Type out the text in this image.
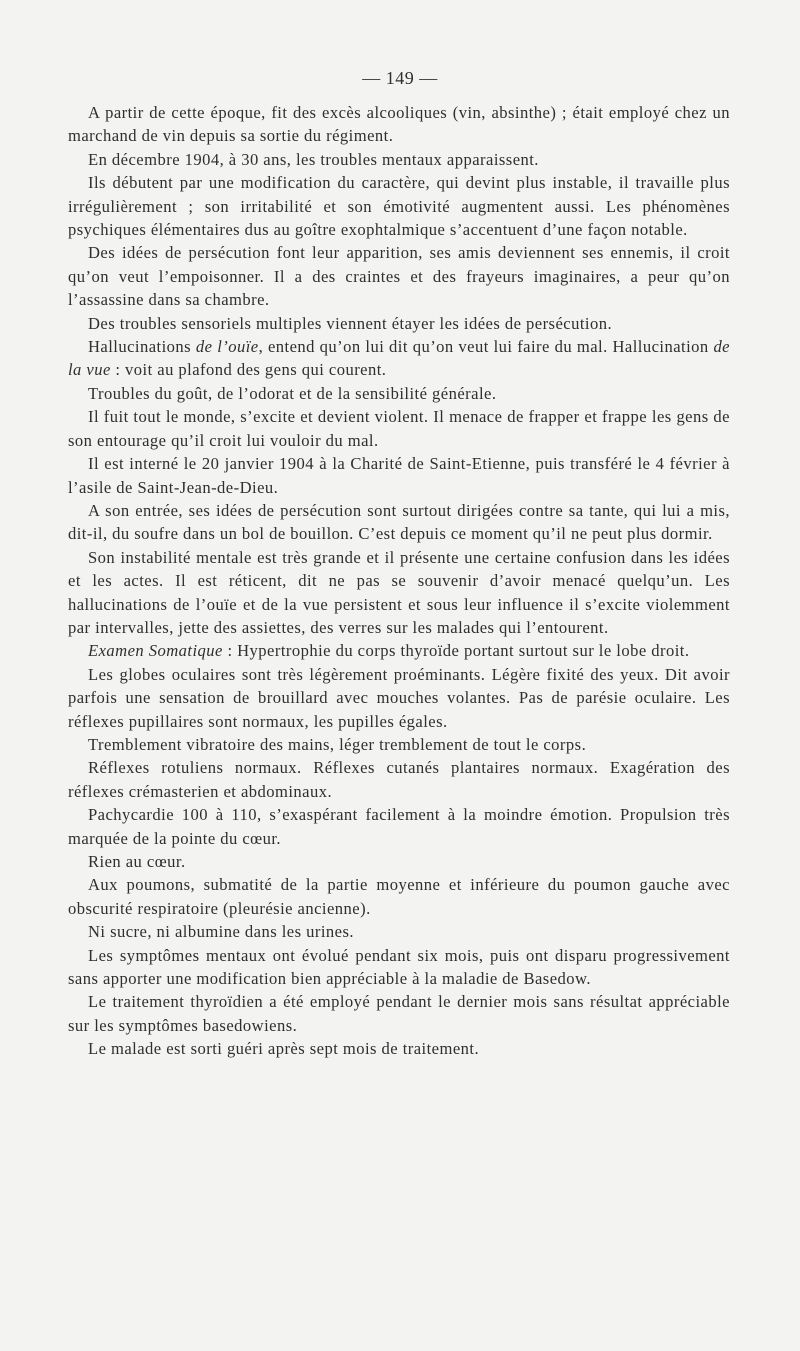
— 149 —

A partir de cette époque, fit des excès alcooliques (vin, absinthe) ; était employé chez un marchand de vin depuis sa sortie du régiment.

En décembre 1904, à 30 ans, les troubles mentaux apparaissent.

Ils débutent par une modification du caractère, qui devint plus instable, il travaille plus irrégulièrement ; son irritabilité et son émotivité augmentent aussi. Les phénomènes psychiques élémentaires dus au goître exophtalmique s’accentuent d’une façon notable.

Des idées de persécution font leur apparition, ses amis deviennent ses ennemis, il croit qu’on veut l’empoisonner. Il a des craintes et des frayeurs imaginaires, a peur qu’on l’assassine dans sa chambre.

Des troubles sensoriels multiples viennent étayer les idées de persécution.

Hallucinations de l’ouïe, entend qu’on lui dit qu’on veut lui faire du mal. Hallucination de la vue : voit au plafond des gens qui courent.

Troubles du goût, de l’odorat et de la sensibilité générale.

Il fuit tout le monde, s’excite et devient violent. Il menace de frapper et frappe les gens de son entourage qu’il croit lui vouloir du mal.

Il est interné le 20 janvier 1904 à la Charité de Saint-Etienne, puis transféré le 4 février à l’asile de Saint-Jean-de-Dieu.

A son entrée, ses idées de persécution sont surtout dirigées contre sa tante, qui lui a mis, dit-il, du soufre dans un bol de bouillon. C’est depuis ce moment qu’il ne peut plus dormir.

Son instabilité mentale est très grande et il présente une certaine confusion dans les idées et les actes. Il est réticent, dit ne pas se souvenir d’avoir menacé quelqu’un. Les hallucinations de l’ouïe et de la vue persistent et sous leur influence il s’excite violemment par intervalles, jette des assiettes, des verres sur les malades qui l’entourent.

Examen Somatique : Hypertrophie du corps thyroïde portant surtout sur le lobe droit.

Les globes oculaires sont très légèrement proéminants. Légère fixité des yeux. Dit avoir parfois une sensation de brouillard avec mouches volantes. Pas de parésie oculaire. Les réflexes pupillaires sont normaux, les pupilles égales.

Tremblement vibratoire des mains, léger tremblement de tout le corps.

Réflexes rotuliens normaux. Réflexes cutanés plantaires normaux. Exagération des réflexes crémasterien et abdominaux.

Pachycardie 100 à 110, s’exaspérant facilement à la moindre émotion. Propulsion très marquée de la pointe du cœur.

Rien au cœur.

Aux poumons, submatité de la partie moyenne et inférieure du poumon gauche avec obscurité respiratoire (pleurésie ancienne).

Ni sucre, ni albumine dans les urines.

Les symptômes mentaux ont évolué pendant six mois, puis ont disparu progressivement sans apporter une modification bien appréciable à la maladie de Basedow.

Le traitement thyroïdien a été employé pendant le dernier mois sans résultat appréciable sur les symptômes basedowiens.

Le malade est sorti guéri après sept mois de traitement.
